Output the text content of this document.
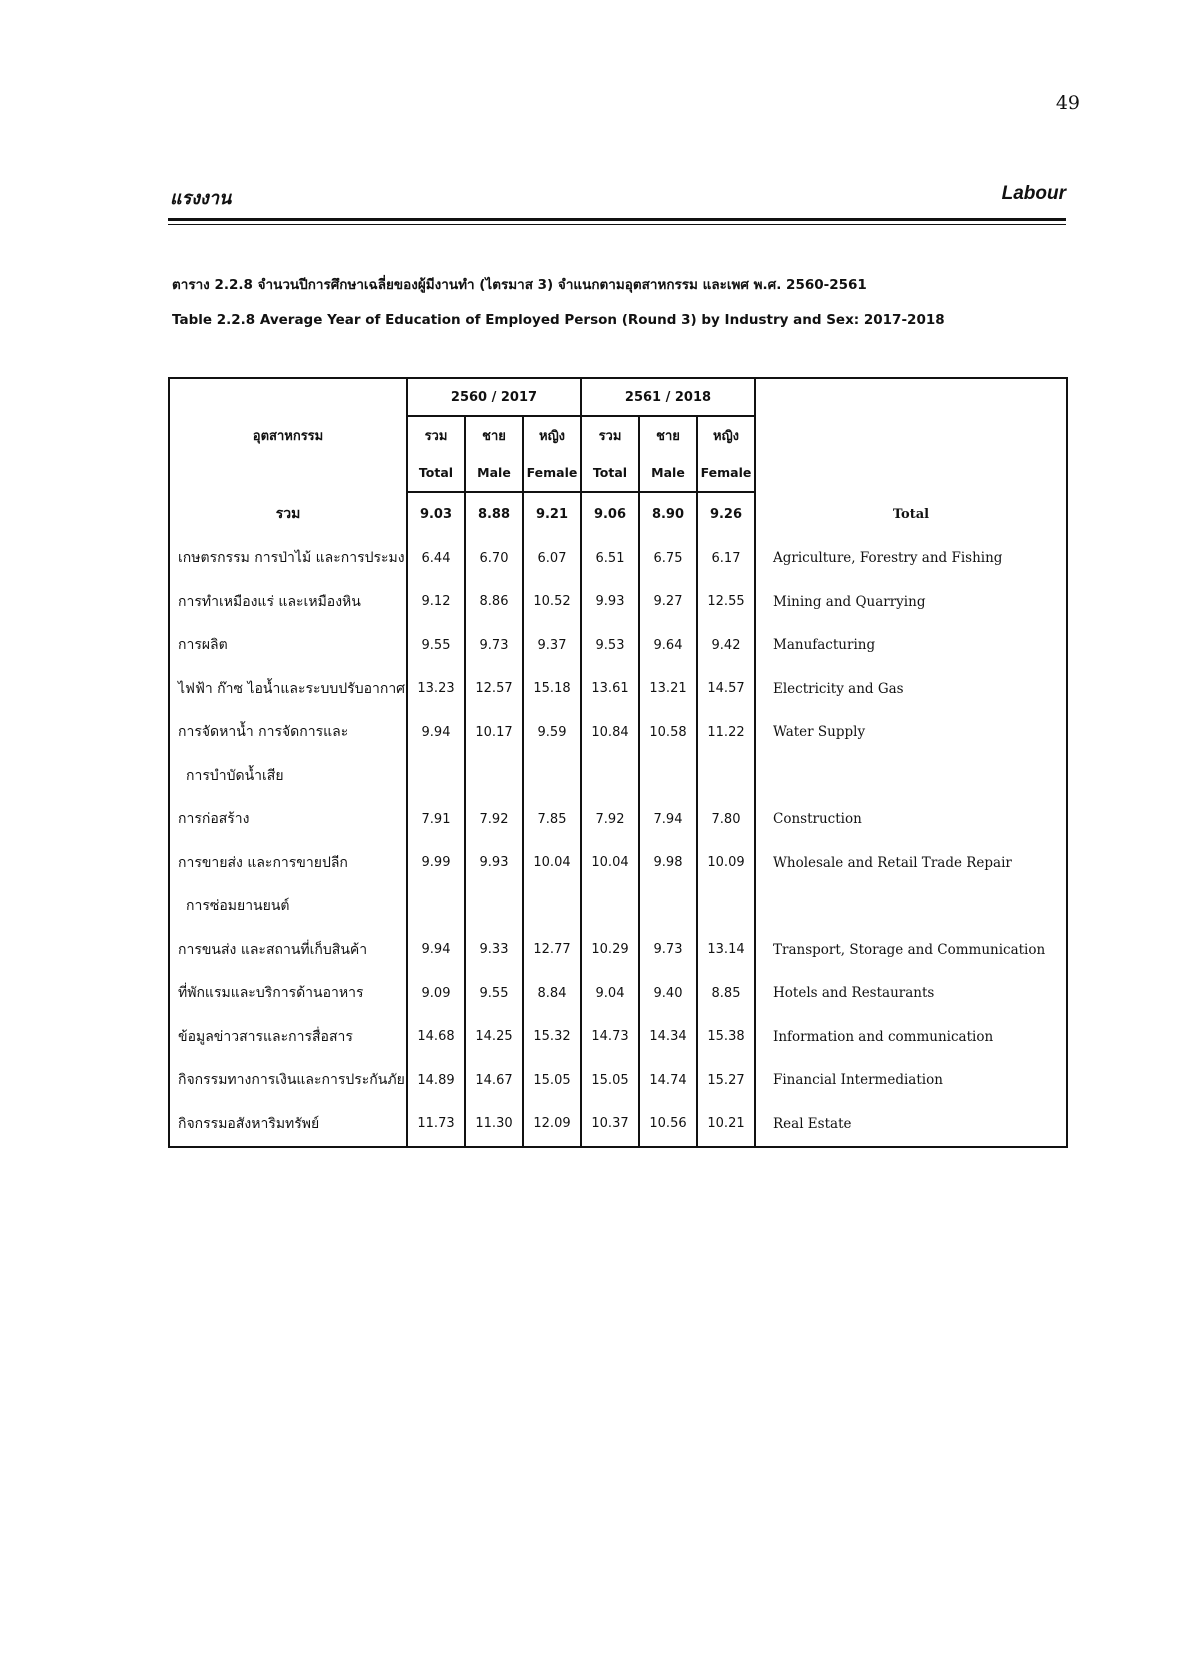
49
แรงงาน	Labour
ตาราง 2.2.8 จำนวนปีการศึกษาเฉลี่ยของผู้มีงานทำ (ไตรมาส 3) จำแนกตามอุตสาหกรรม และเพศ พ.ศ. 2560-2561
Table 2.2.8 Average Year of Education of Employed Person (Round 3) by Industry and Sex: 2017-2018
อุตสาหกรรม	2560 / 2017			2561 / 2018			
	รวม	ชาย	หญิง	รวม	ชาย	หญิง	
	Total	Male	Female	Total	Male	Female	
รวม	9.03	8.88	9.21	9.06	8.90	9.26	Total
เกษตรกรรม การป่าไม้ และการประมง	6.44	6.70	6.07	6.51	6.75	6.17	Agriculture, Forestry and Fishing
การทำเหมืองแร่ และเหมืองหิน	9.12	8.86	10.52	9.93	9.27	12.55	Mining and Quarrying
การผลิต	9.55	9.73	9.37	9.53	9.64	9.42	Manufacturing
ไฟฟ้า ก๊าซ ไอน้ำและระบบปรับอากาศ	13.23	12.57	15.18	13.61	13.21	14.57	Electricity and Gas
การจัดหาน้ำ การจัดการและ	9.94	10.17	9.59	10.84	10.58	11.22	Water Supply
การบำบัดน้ำเสีย							
การก่อสร้าง	7.91	7.92	7.85	7.92	7.94	7.80	Construction
การขายส่ง และการขายปลีก	9.99	9.93	10.04	10.04	9.98	10.09	Wholesale and Retail Trade Repair
การซ่อมยานยนต์							
การขนส่ง และสถานที่เก็บสินค้า	9.94	9.33	12.77	10.29	9.73	13.14	Transport, Storage and Communication
ที่พักแรมและบริการด้านอาหาร	9.09	9.55	8.84	9.04	9.40	8.85	Hotels and Restaurants
ข้อมูลข่าวสารและการสื่อสาร	14.68	14.25	15.32	14.73	14.34	15.38	Information and communication
กิจกรรมทางการเงินและการประกันภัย	14.89	14.67	15.05	15.05	14.74	15.27	Financial Intermediation
กิจกรรมอสังหาริมทรัพย์	11.73	11.30	12.09	10.37	10.56	10.21	Real Estate
